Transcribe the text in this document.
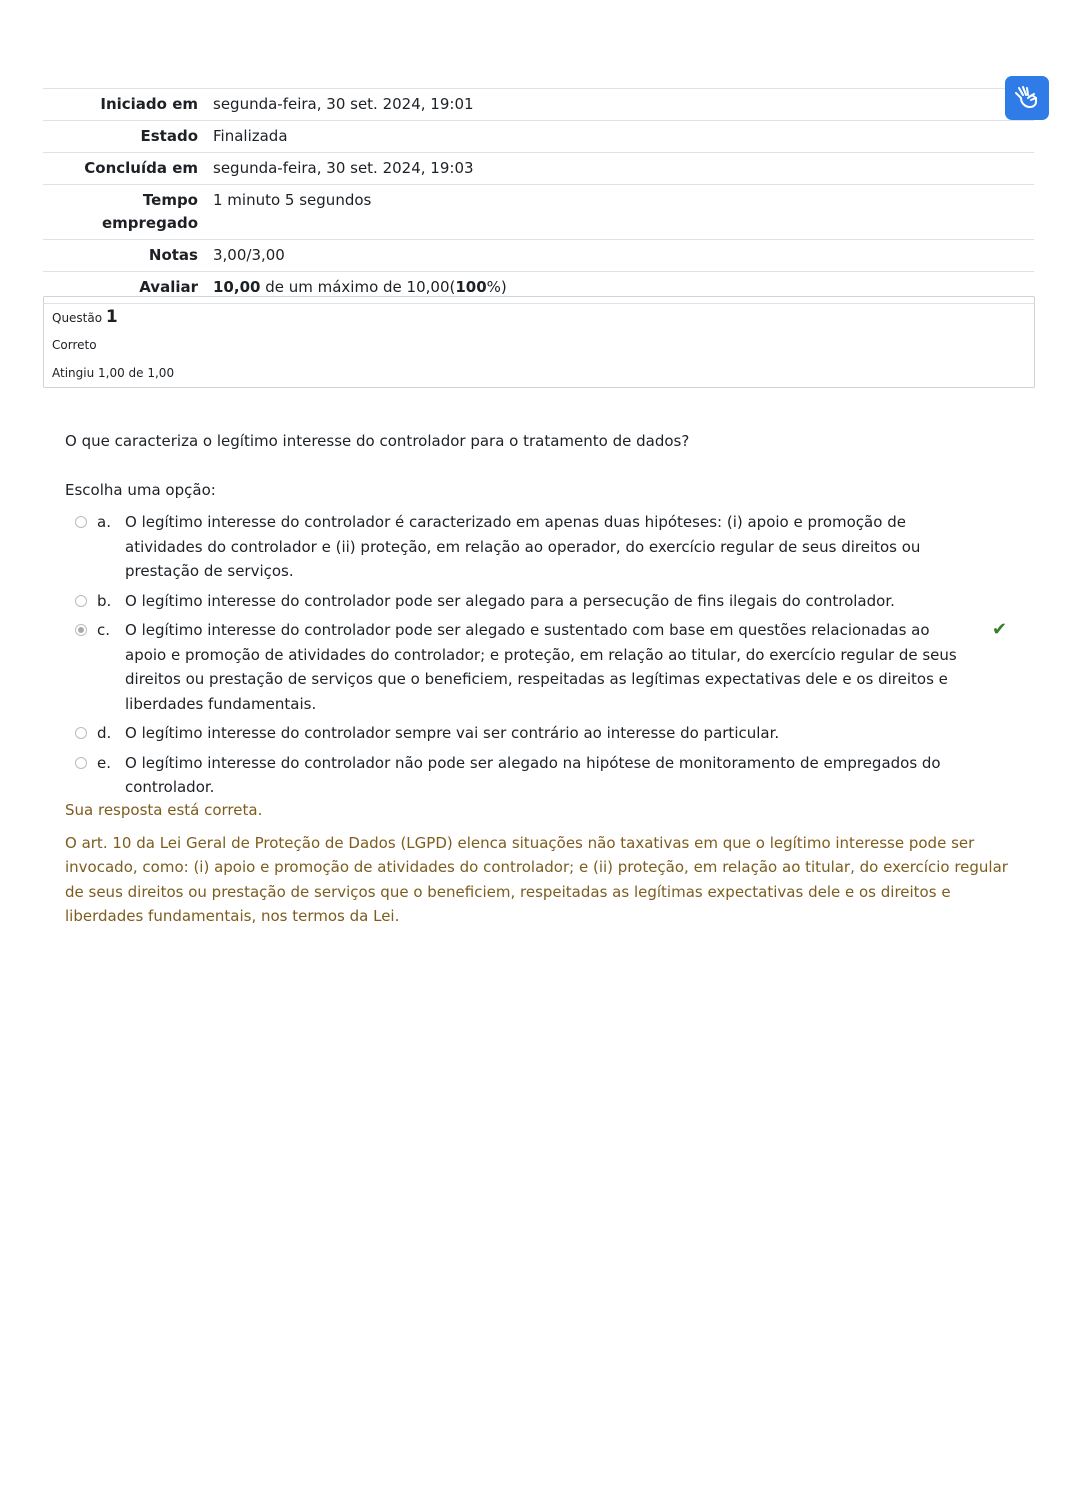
Iniciado em	segunda-feira, 30 set. 2024, 19:01
Estado	Finalizada
Concluída em	segunda-feira, 30 set. 2024, 19:03
Tempo empregado	1 minuto 5 segundos
Notas	3,00/3,00
Avaliar	10,00 de um máximo de 10,00(100%)
Questão 1
Correto
Atingiu 1,00 de 1,00
O que caracteriza o legítimo interesse do controlador para o tratamento de dados?
Escolha uma opção:
a. O legítimo interesse do controlador é caracterizado em apenas duas hipóteses: (i) apoio e promoção de atividades do controlador e (ii) proteção, em relação ao operador, do exercício regular de seus direitos ou prestação de serviços.
b. O legítimo interesse do controlador pode ser alegado para a persecução de fins ilegais do controlador.
c. O legítimo interesse do controlador pode ser alegado e sustentado com base em questões relacionadas ao apoio e promoção de atividades do controlador; e proteção, em relação ao titular, do exercício regular de seus direitos ou prestação de serviços que o beneficiem, respeitadas as legítimas expectativas dele e os direitos e liberdades fundamentais.
✔
d. O legítimo interesse do controlador sempre vai ser contrário ao interesse do particular.
e. O legítimo interesse do controlador não pode ser alegado na hipótese de monitoramento de empregados do controlador.

Sua resposta está correta.

O art. 10 da Lei Geral de Proteção de Dados (LGPD) elenca situações não taxativas em que o legítimo interesse pode ser invocado, como: (i) apoio e promoção de atividades do controlador; e (ii) proteção, em relação ao titular, do exercício regular de seus direitos ou prestação de serviços que o beneficiem, respeitadas as legítimas expectativas dele e os direitos e liberdades fundamentais, nos termos da Lei.
